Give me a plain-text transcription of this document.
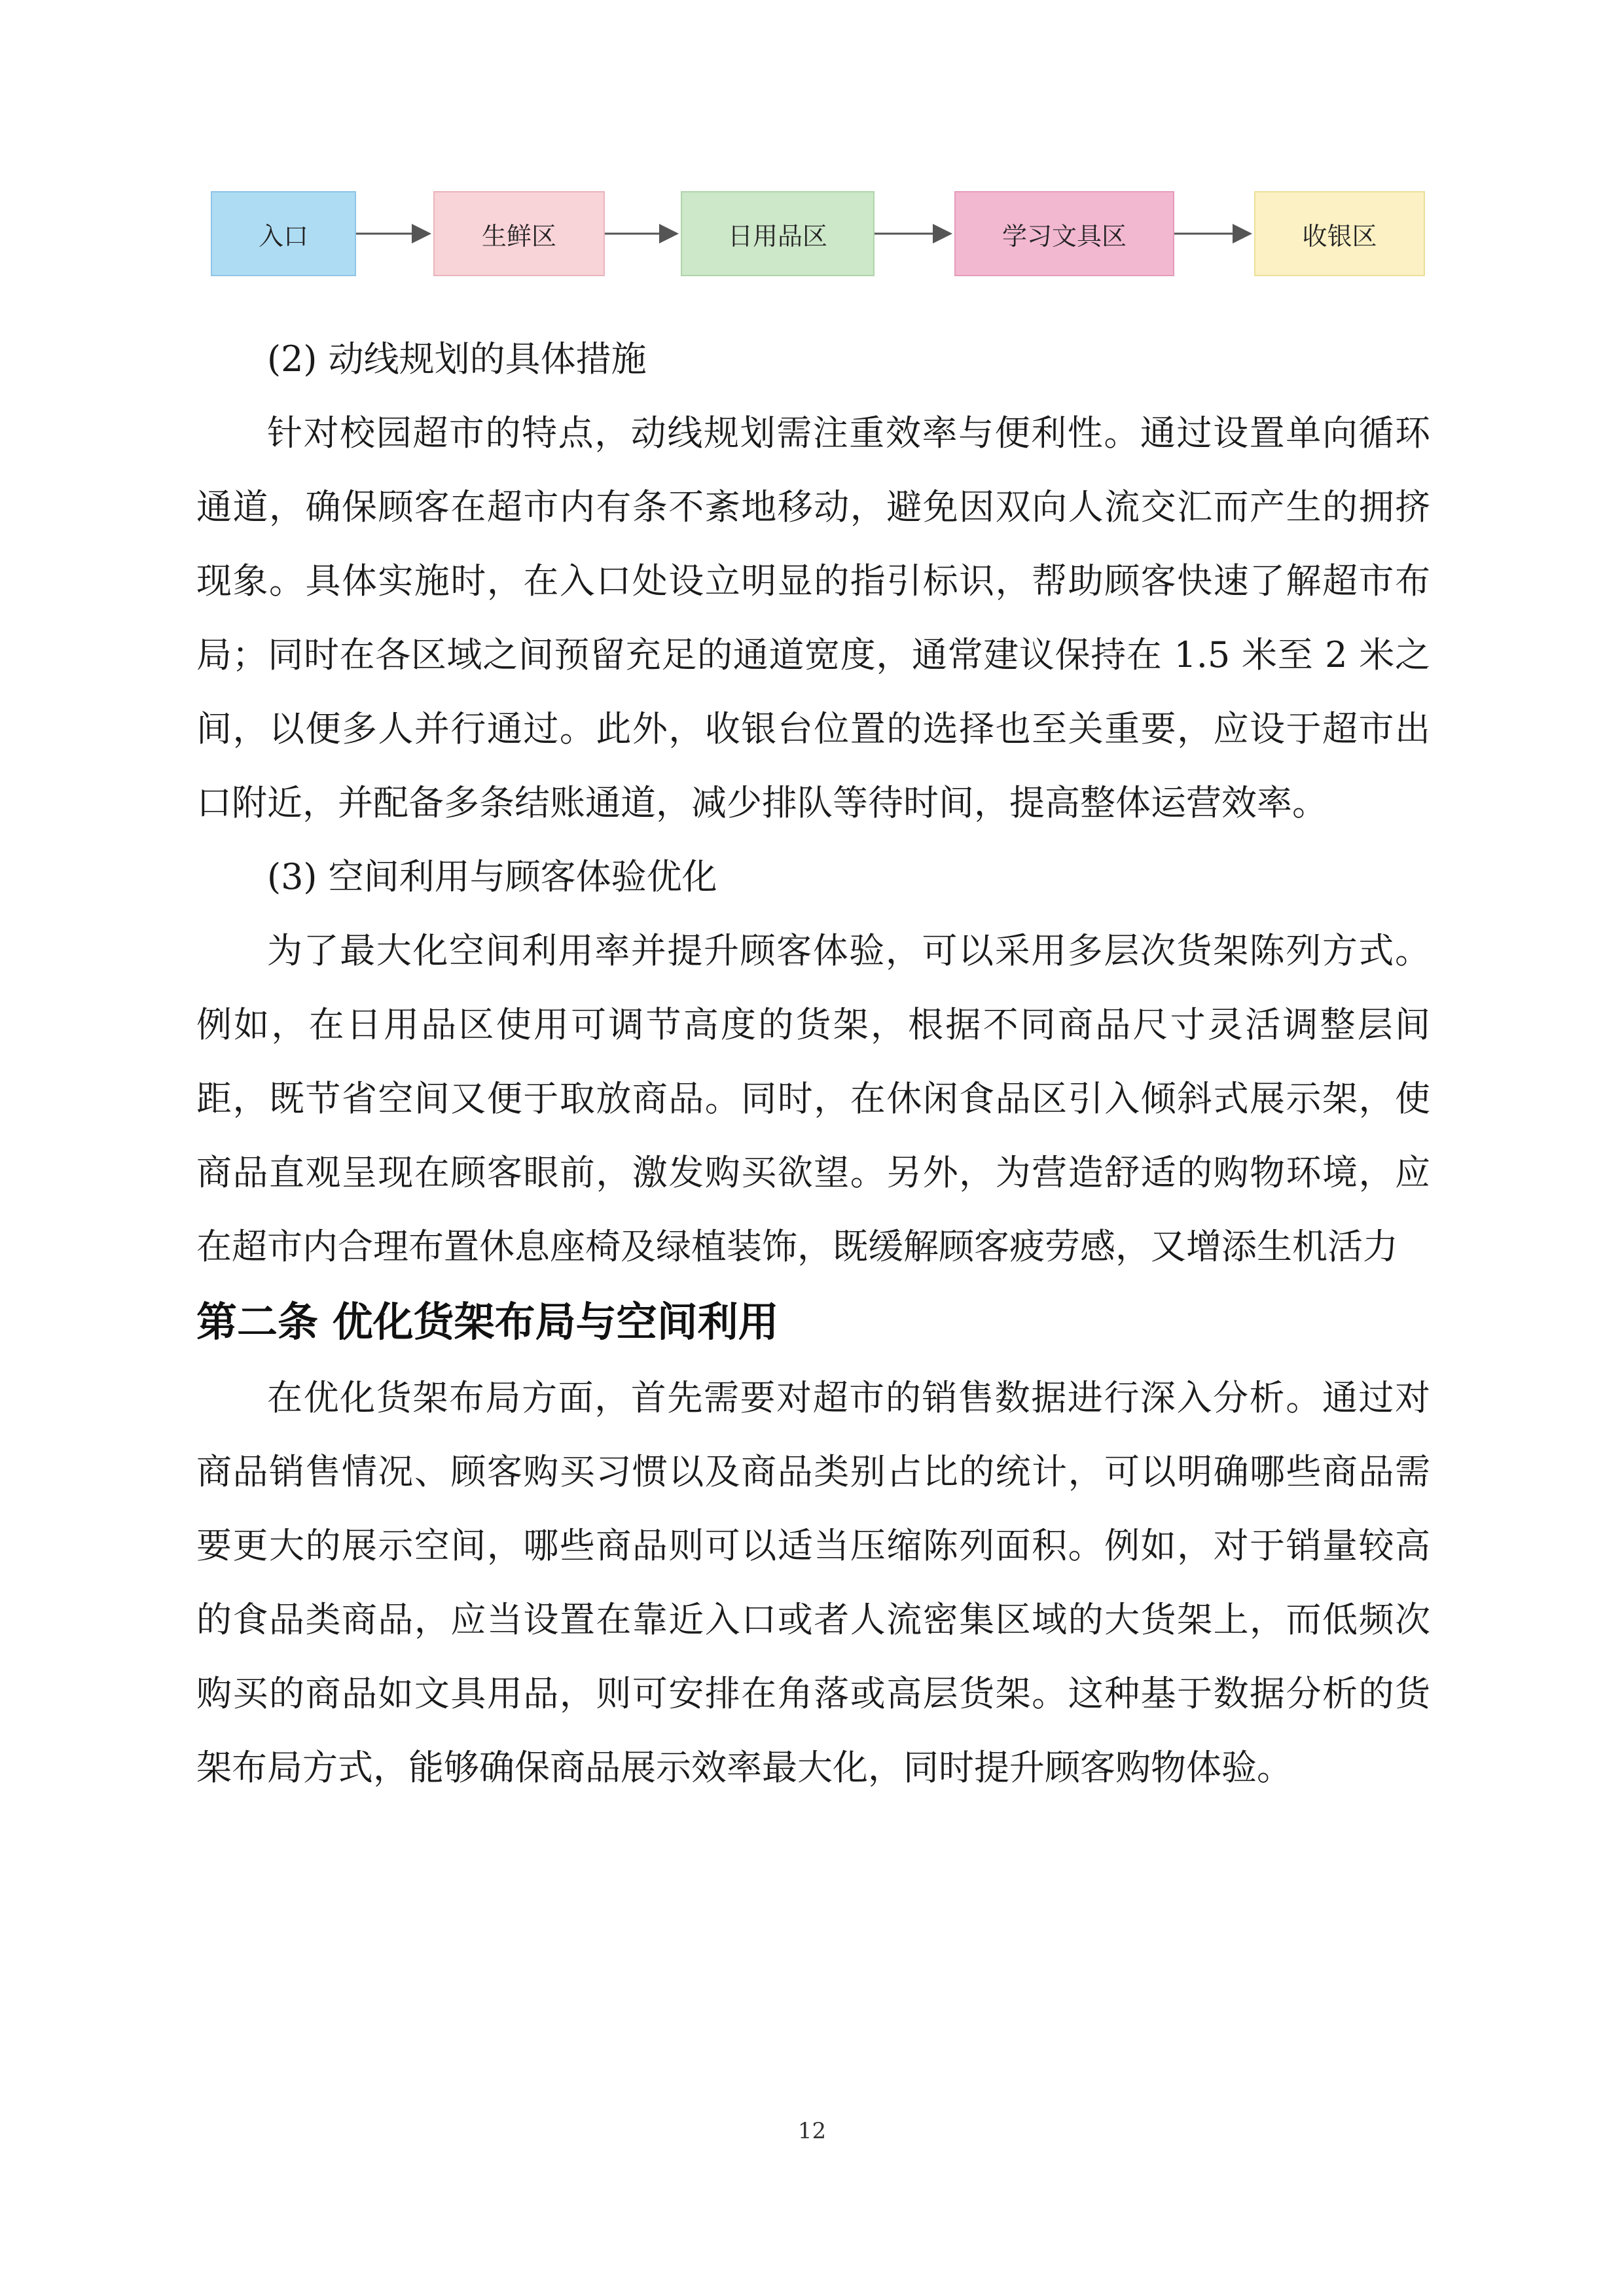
入口	生鲜区	日用品区	学习文具区	收银区

(2) 动线规划的具体措施

针对校园超市的特点，动线规划需注重效率与便利性。通过设置单向循环通道，确保顾客在超市内有条不紊地移动，避免因双向人流交汇而产生的拥挤现象。具体实施时，在入口处设立明显的指引标识，帮助顾客快速了解超市布局；同时在各区域之间预留充足的通道宽度，通常建议保持在 1.5 米至 2 米之间，以便多人并行通过。此外，收银台位置的选择也至关重要，应设于超市出口附近，并配备多条结账通道，减少排队等待时间，提高整体运营效率。

(3) 空间利用与顾客体验优化

为了最大化空间利用率并提升顾客体验，可以采用多层次货架陈列方式。例如，在日用品区使用可调节高度的货架，根据不同商品尺寸灵活调整层间距，既节省空间又便于取放商品。同时，在休闲食品区引入倾斜式展示架，使商品直观呈现在顾客眼前，激发购买欲望。另外，为营造舒适的购物环境，应在超市内合理布置休息座椅及绿植装饰，既缓解顾客疲劳感，又增添生机活力

第二条 优化货架布局与空间利用

在优化货架布局方面，首先需要对超市的销售数据进行深入分析。通过对商品销售情况、顾客购买习惯以及商品类别占比的统计，可以明确哪些商品需要更大的展示空间，哪些商品则可以适当压缩陈列面积。例如，对于销量较高的食品类商品，应当设置在靠近入口或者人流密集区域的大货架上，而低频次购买的商品如文具用品，则可安排在角落或高层货架。这种基于数据分析的货架布局方式，能够确保商品展示效率最大化，同时提升顾客购物体验。

12
